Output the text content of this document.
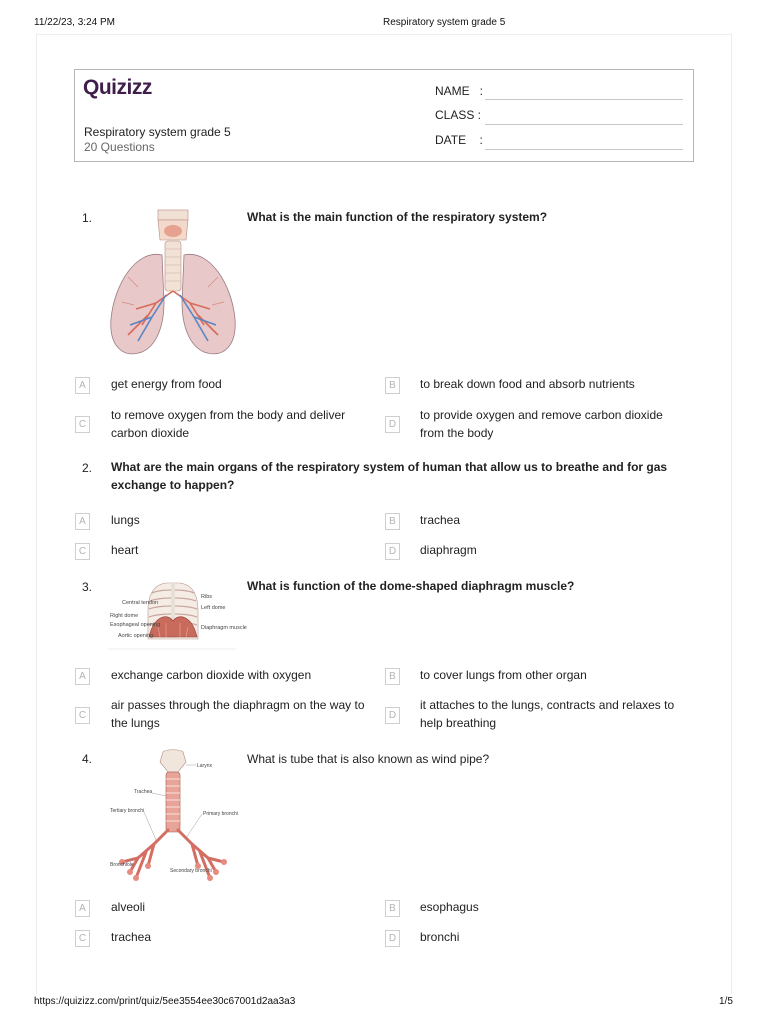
11/22/23, 3:24 PM	Respiratory system grade 5
https://quizizz.com/print/quiz/5ee3554ee30c67001d2aa3a3	1/5
Quizizz
Respiratory system grade 5
20 Questions
NAME   :
CLASS :
DATE    :
1.	What is the main function of the respiratory system?
A	get energy from food	B	to break down food and absorb nutrients
C
to remove oxygen from the body and deliver carbon dioxide
D
to provide oxygen and remove carbon dioxide from the body
2. What are the main organs of the respiratory system of human that allow us to breathe and for gas exchange to happen?
A	lungs	B	trachea
C	heart	D	diaphragm
3.
Central tendon
Right dome
Esophageal opening
Aortic opening
Ribs
Left dome
Diaphragm muscle
What is function of the dome-shaped diaphragm muscle?
A	exchange carbon dioxide with oxygen	B	to cover lungs from other organ
C
air passes through the diaphragm on the way to the lungs
D
it attaches to the lungs, contracts and relaxes to help breathing
4.	Larynx
Trachea
Primary bronchi
Tertiary bronchi
Bronchiole
Secondary bronchi
What is tube that is also known as wind pipe?
A	alveoli	B	esophagus
C	trachea	D	bronchi
